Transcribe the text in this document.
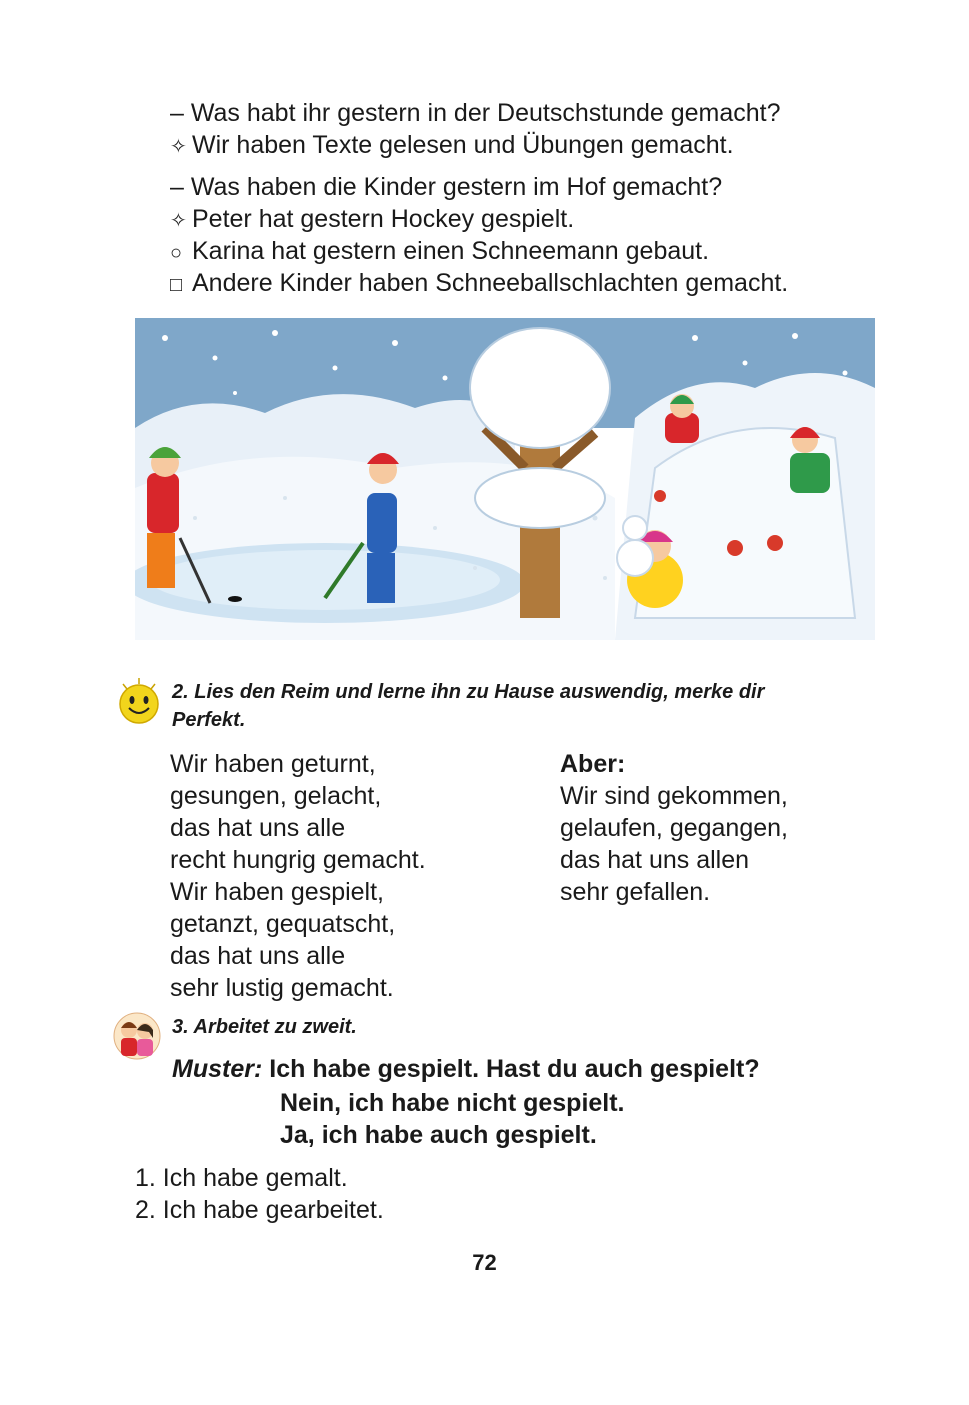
– Was habt ihr gestern in der Deutschstunde gemacht?
✧ Wir haben Texte gelesen und Übungen gemacht.
– Was haben die Kinder gestern im Hof gemacht?
✧ Peter hat gestern Hockey gespielt.
○ Karina hat gestern einen Schneemann gebaut.
□ Andere Kinder haben Schneeballschlachten gemacht.
2. Lies den Reim und lerne ihn zu Hause auswendig, merke dir
Perfekt.
Wir haben geturnt,
gesungen, gelacht,
das hat uns alle
recht hungrig gemacht.
Wir haben gespielt,
getanzt, gequatscht,
das hat uns alle
sehr lustig gemacht.
Aber:
Wir sind gekommen,
gelaufen, gegangen,
das hat uns allen
sehr gefallen.
3. Arbeitet zu zweit.
Muster: Ich habe gespielt. Hast du auch gespielt?
Nein, ich habe nicht gespielt.
Ja, ich habe auch gespielt.
1. Ich habe gemalt.
2. Ich habe gearbeitet.
72
